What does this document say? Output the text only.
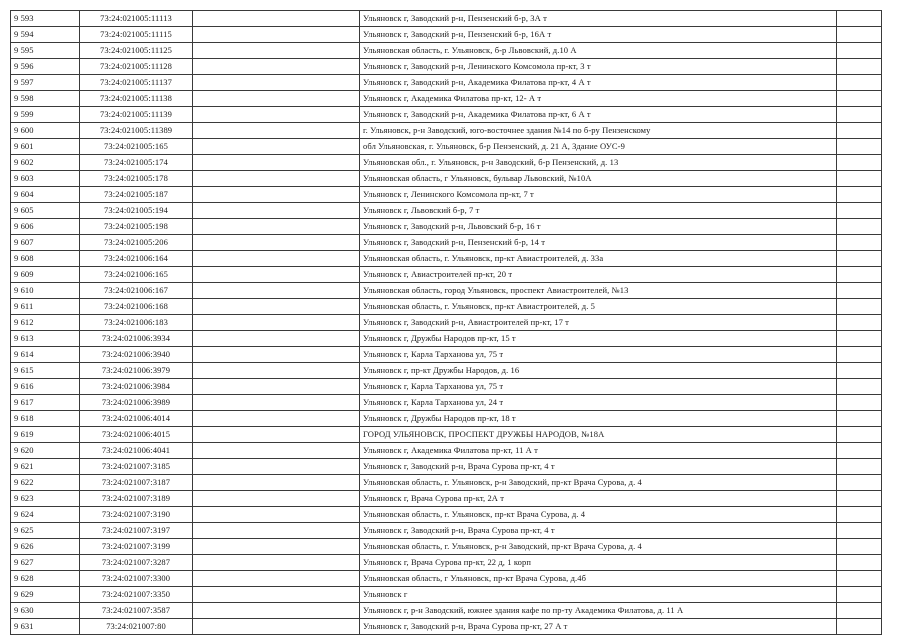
9 593	73:24:021005:11113		Ульяновск г, Заводский р-н, Пензенский б-р, 3А т	
9 594	73:24:021005:11115		Ульяновск г, Заводский р-н, Пензенский б-р, 16А т	
9 595	73:24:021005:11125		Ульяновская область, г. Ульяновск, б-р Львовский, д.10 А	
9 596	73:24:021005:11128		Ульяновск г, Заводский р-н, Ленинского Комсомола пр-кт, 3 т	
9 597	73:24:021005:11137		Ульяновск г, Заводский р-н, Академика Филатова пр-кт, 4 А т	
9 598	73:24:021005:11138		Ульяновск г, Академика Филатова пр-кт, 12- А т	
9 599	73:24:021005:11139		Ульяновск г, Заводский р-н, Академика Филатова пр-кт, 6 А т	
9 600	73:24:021005:11389		г. Ульяновск, р-н Заводский, юго-восточнее здания №14 по б-ру Пензенскому	
9 601	73:24:021005:165		обл Ульяновская, г. Ульяновск, б-р Пензенский, д. 21 А, Здание ОУС-9	
9 602	73:24:021005:174		Ульяновская обл., г. Ульяновск, р-н Заводский, б-р Пензенский, д. 13	
9 603	73:24:021005:178		Ульяновская область, г Ульяновск, бульвар Львовский, №10А	
9 604	73:24:021005:187		Ульяновск г, Ленинского Комсомола пр-кт, 7 т	
9 605	73:24:021005:194		Ульяновск г, Львовский б-р, 7 т	
9 606	73:24:021005:198		Ульяновск г, Заводский р-н, Львовский б-р, 16 т	
9 607	73:24:021005:206		Ульяновск г, Заводский р-н, Пензенский б-р, 14 т	
9 608	73:24:021006:164		Ульяновская область, г. Ульяновск, пр-кт Авиастроителей, д. 33а	
9 609	73:24:021006:165		Ульяновск г, Авиастроителей пр-кт, 20 т	
9 610	73:24:021006:167		Ульяновская область, город Ульяновск, проспект Авиастроителей, №13	
9 611	73:24:021006:168		Ульяновская область, г. Ульяновск, пр-кт Авиастроителей, д. 5	
9 612	73:24:021006:183		Ульяновск г, Заводский р-н, Авиастроителей пр-кт, 17 т	
9 613	73:24:021006:3934		Ульяновск г, Дружбы Народов пр-кт, 15 т	
9 614	73:24:021006:3940		Ульяновск г, Карла Тарханова ул, 75 т	
9 615	73:24:021006:3979		Ульяновск г, пр-кт Дружбы Народов, д. 16	
9 616	73:24:021006:3984		Ульяновск г, Карла Тарханова ул, 75 т	
9 617	73:24:021006:3989		Ульяновск г, Карла Тарханова ул, 24 т	
9 618	73:24:021006:4014		Ульяновск г, Дружбы Народов пр-кт, 18 т	
9 619	73:24:021006:4015		ГОРОД УЛЬЯНОВСК, ПРОСПЕКТ ДРУЖБЫ НАРОДОВ, №18А	
9 620	73:24:021006:4041		Ульяновск г, Академика Филатова пр-кт, 11 А т	
9 621	73:24:021007:3185		Ульяновск г, Заводский р-н, Врача Сурова пр-кт, 4 т	
9 622	73:24:021007:3187		Ульяновская область, г. Ульяновск, р-н Заводский, пр-кт Врача Сурова, д. 4	
9 623	73:24:021007:3189		Ульяновск г, Врача Сурова пр-кт, 2А т	
9 624	73:24:021007:3190		Ульяновская область, г. Ульяновск, пр-кт Врача Сурова, д. 4	
9 625	73:24:021007:3197		Ульяновск г, Заводский р-н, Врача Сурова пр-кт, 4 т	
9 626	73:24:021007:3199		Ульяновская область, г. Ульяновск, р-н Заводский, пр-кт Врача Сурова, д. 4	
9 627	73:24:021007:3287		Ульяновск г, Врача Сурова пр-кт, 22 д, 1 корп	
9 628	73:24:021007:3300		Ульяновская область, г Ульяновск, пр-кт Врача Сурова, д.4б	
9 629	73:24:021007:3350		Ульяновск г	
9 630	73:24:021007:3587		Ульяновск г, р-н Заводский, южнее здания кафе по пр-ту Академика Филатова, д. 11 А	
9 631	73:24:021007:80		Ульяновск г, Заводский р-н, Врача Сурова пр-кт, 27 А т	
